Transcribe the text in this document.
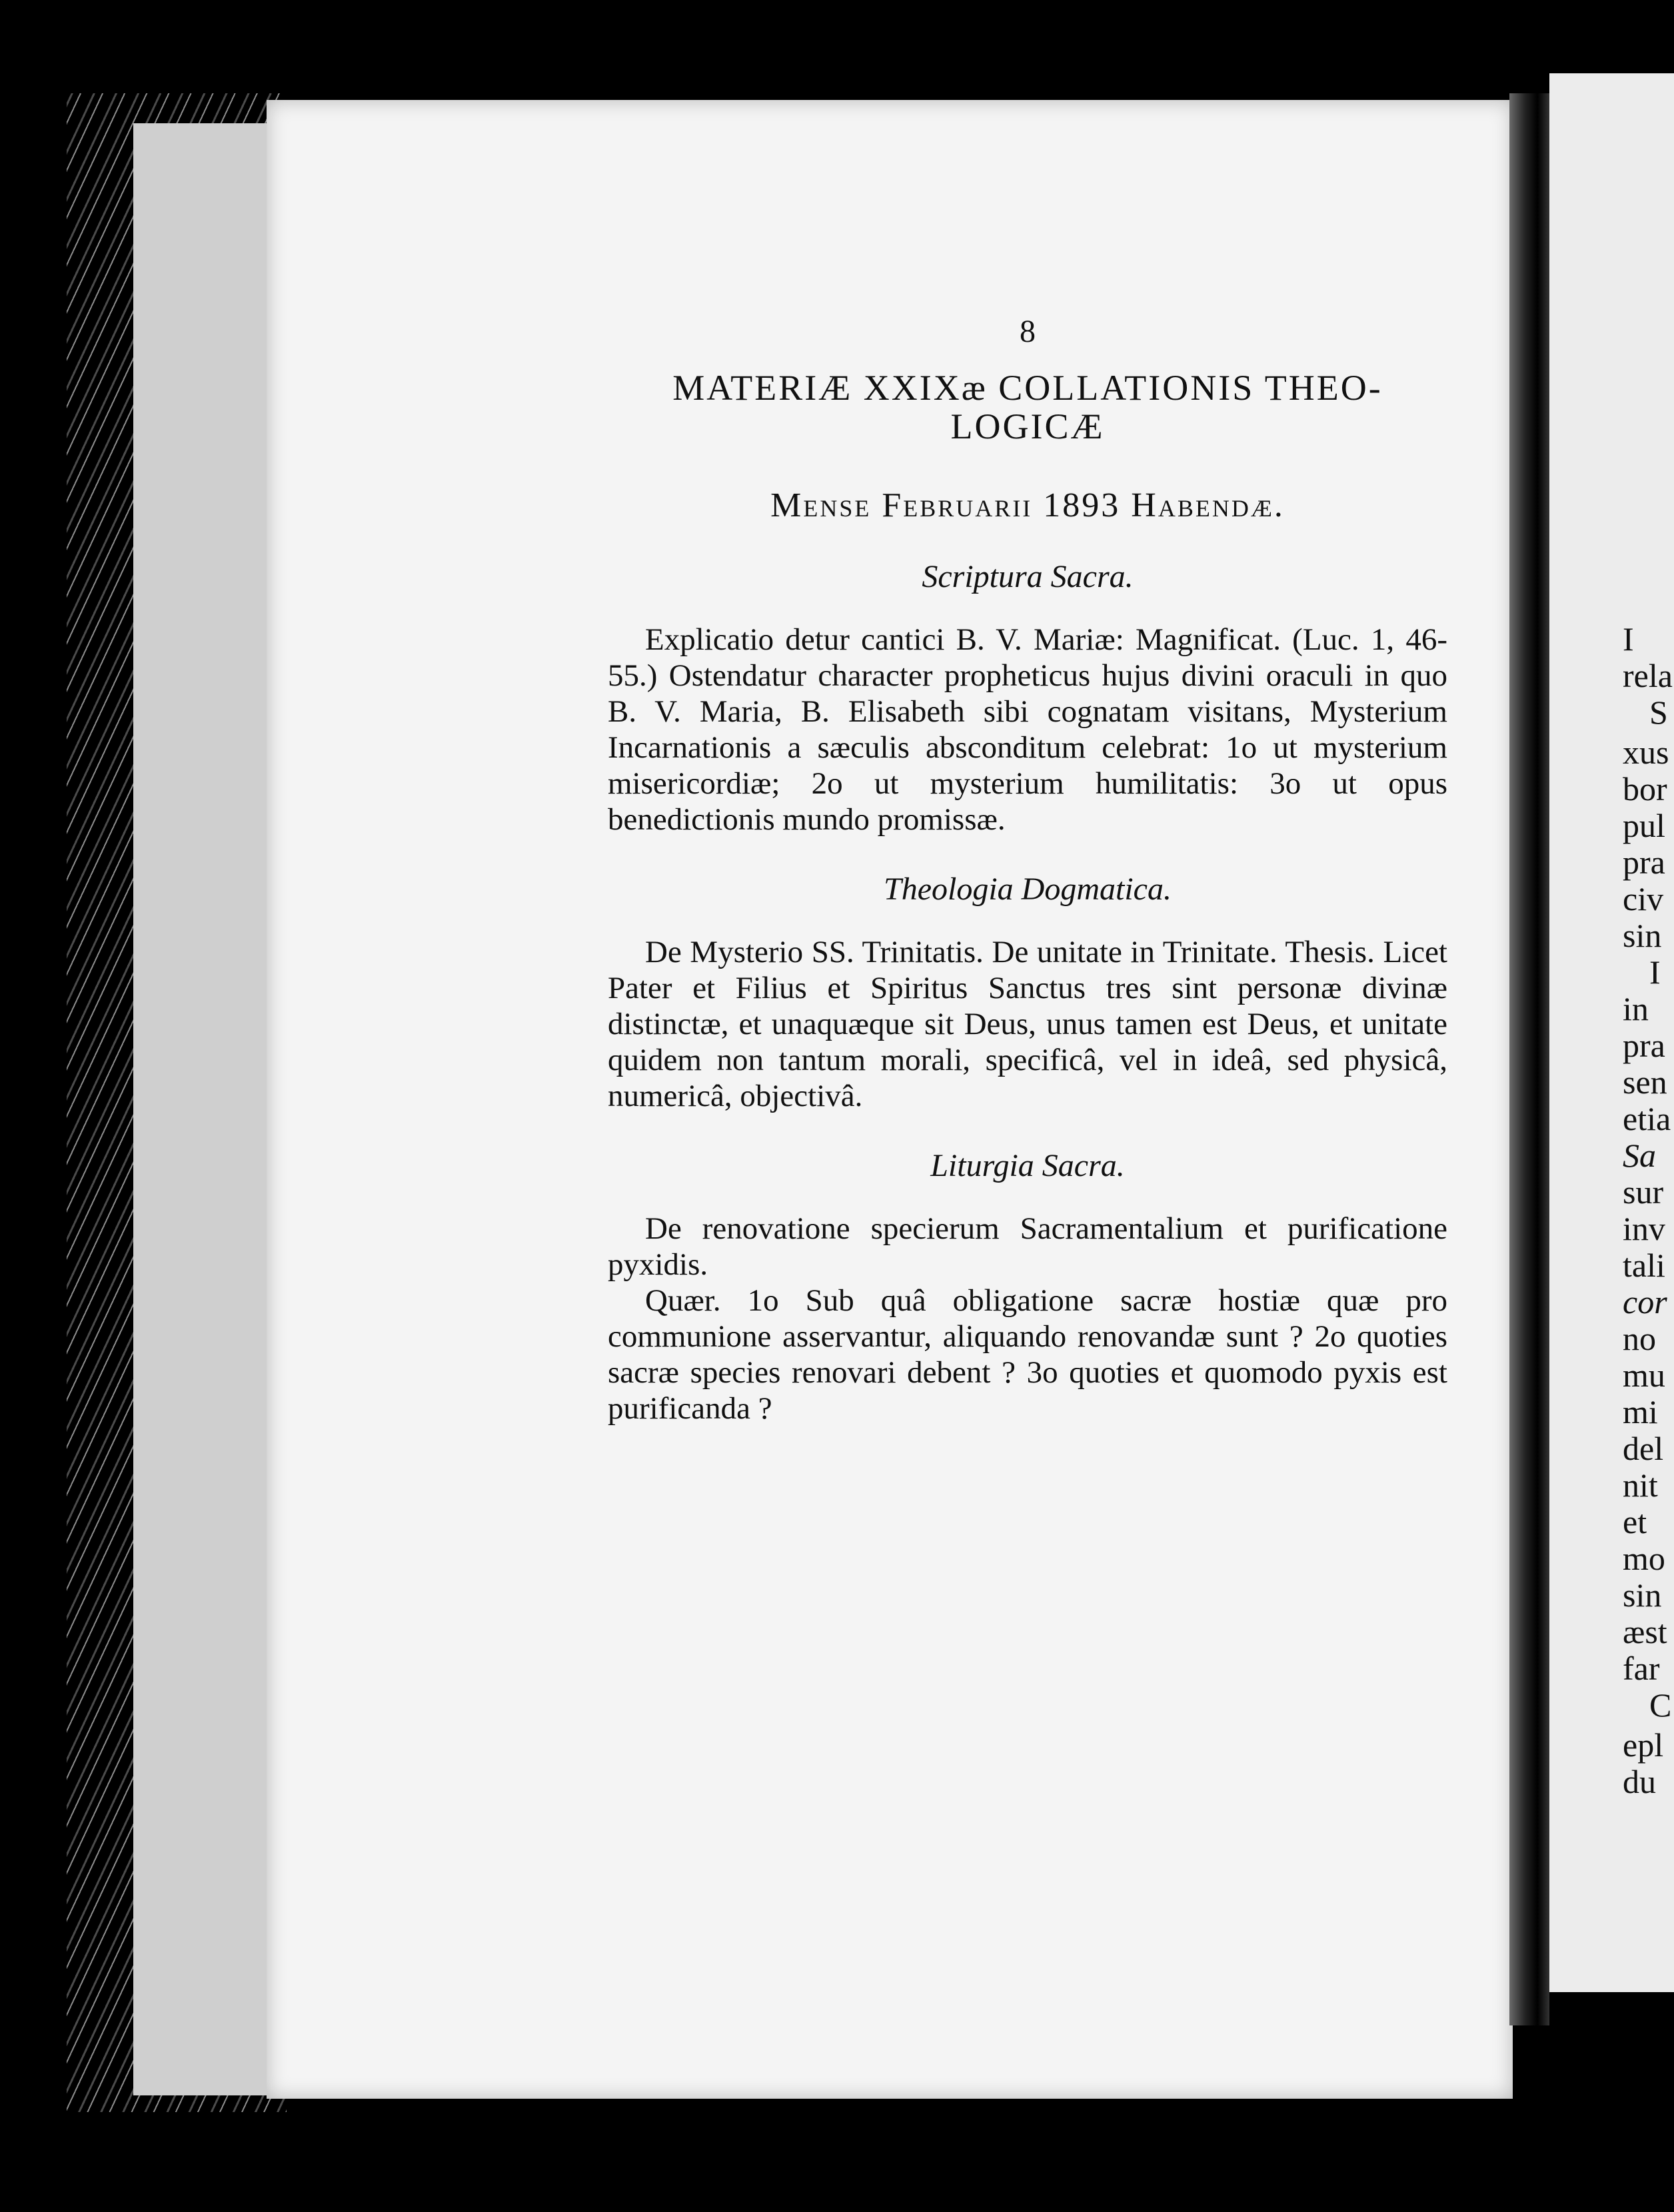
I
rela
S
xus
bor
pul
pra
civ
sin
I
in
pra
sen
etia
Sa
sur
inv
tali
cor
no
mu
mi
del
nit
et
mo
sin
æst
far
C
epl
du
8
MATERIÆ XXIXæ COLLATIONIS THEO-
LOGICÆ
Mense Februarii 1893 Habendæ.
Scriptura Sacra.

Explicatio detur cantici B. V. Mariæ: Magnificat. (Luc. 1, 46-55.) Ostendatur character propheticus hujus divini oraculi in quo B. V. Maria, B. Elisabeth sibi cognatam visitans, Mysterium Incarnationis a sæculis absconditum celebrat: 1o ut mysterium misericordiæ; 2o ut mysterium humilitatis: 3o ut opus benedictionis mundo promissæ.

Theologia Dogmatica.

De Mysterio SS. Trinitatis. De unitate in Trinitate. Thesis. Licet Pater et Filius et Spiritus Sanctus tres sint personæ divinæ distinctæ, et unaquæque sit Deus, unus tamen est Deus, et unitate quidem non tantum morali, specificâ, vel in ideâ, sed physicâ, numericâ, objectivâ.

Liturgia Sacra.

De renovatione specierum Sacramentalium et purificatione pyxidis.

Quær. 1o Sub quâ obligatione sacræ hostiæ quæ pro communione asservantur, aliquando renovandæ sunt ? 2o quoties sacræ species renovari debent ? 3o quoties et quomodo pyxis est purificanda ?
